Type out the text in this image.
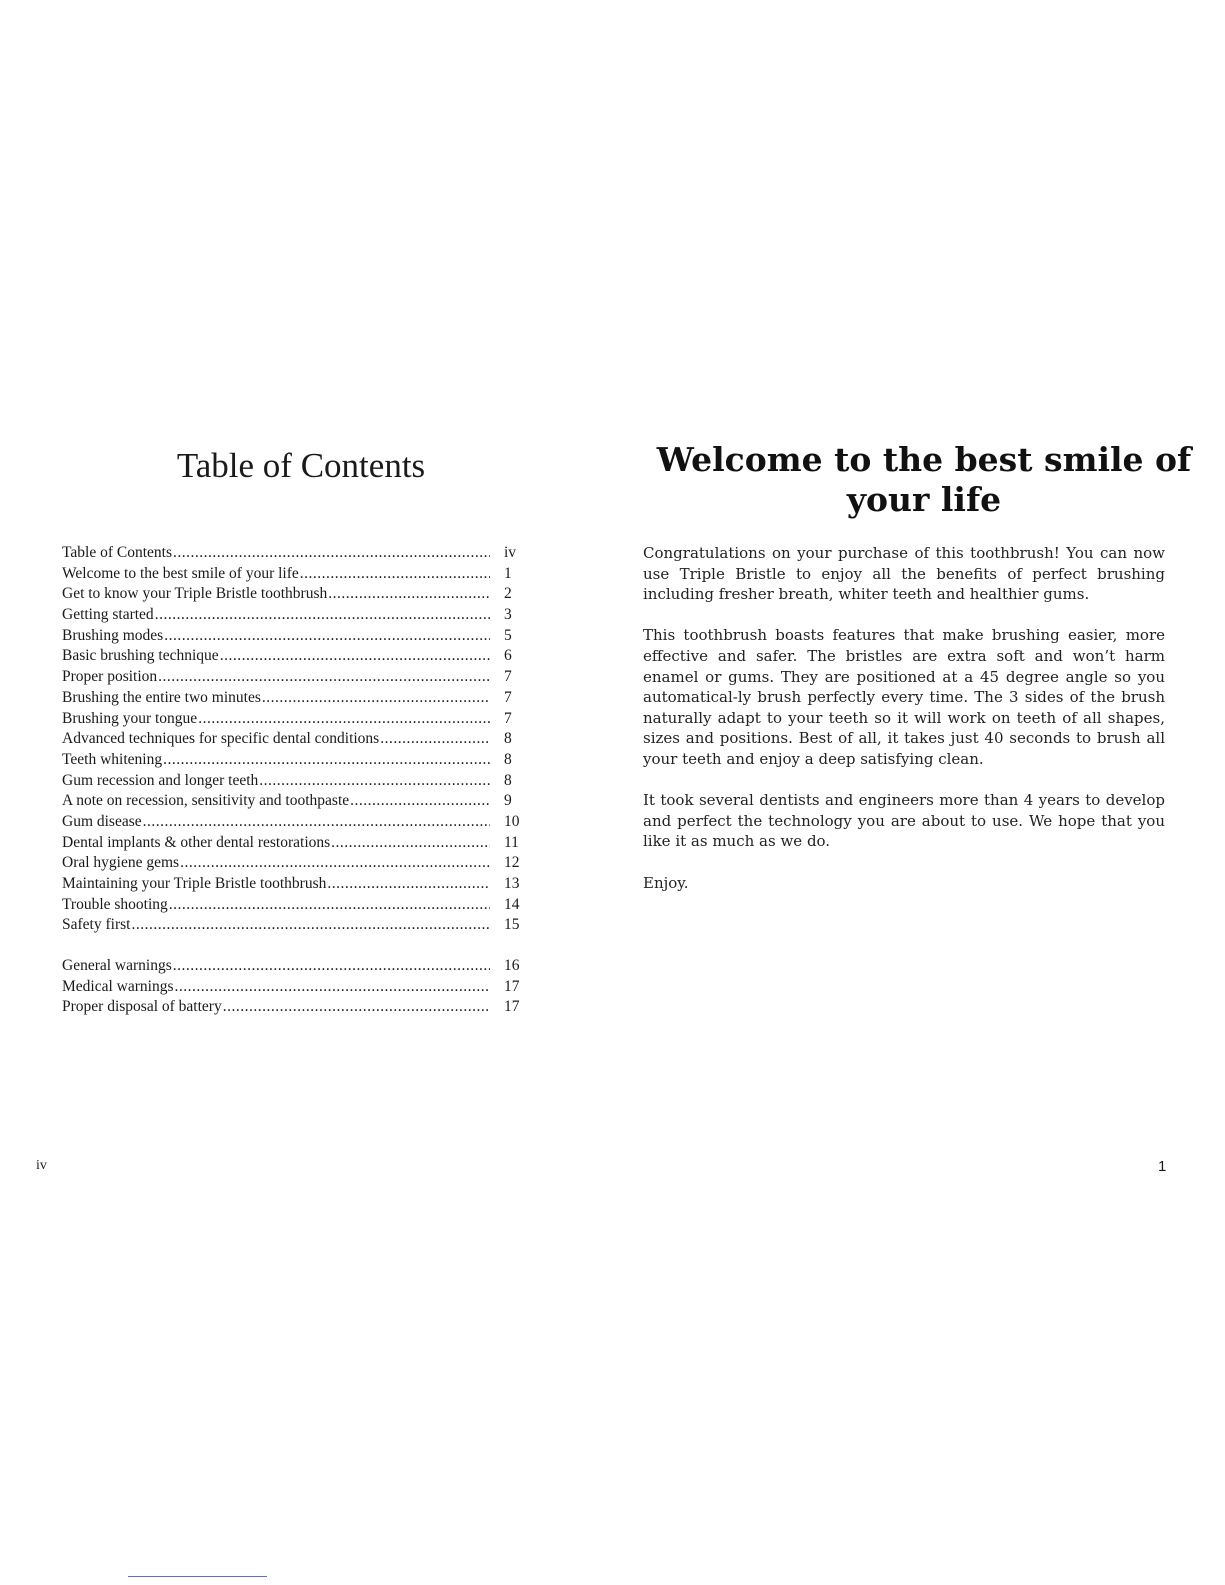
Table of Contents
Table of Contents .....	iv
Welcome to the best smile of your life .....	1
Get to know your Triple Bristle toothbrush .....	2
Getting started .....	3
Brushing modes .....	5
Basic brushing technique .....	6
Proper position .....	7
Brushing the entire two minutes .....	7
Brushing your tongue .....	7
Advanced techniques for specific dental conditions .....	8
Teeth whitening .....	8
Gum recession and longer teeth .....	8
A note on recession, sensitivity and toothpaste .....	9
Gum disease .....	10
Dental implants & other dental restorations .....	11
Oral hygiene gems .....	12
Maintaining your Triple Bristle toothbrush .....	13
Trouble shooting .....	14
Safety first .....	15
General warnings .....	16
Medical warnings .....	17
Proper disposal of battery .....	17
iv
Welcome to the best smile of your life

Congratulations on your purchase of this toothbrush! You can now use Triple Bristle to enjoy all the benefits of perfect brushing including fresher breath, whiter teeth and healthier gums.

This toothbrush boasts features that make brushing easier, more effective and safer. The bristles are extra soft and won’t harm enamel or gums. They are positioned at a 45 degree angle so you automatical-ly brush perfectly every time. The 3 sides of the brush naturally adapt to your teeth so it will work on teeth of all shapes, sizes and positions. Best of all, it takes just 40 seconds to brush all your teeth and enjoy a deep satisfying clean.

It took several dentists and engineers more than 4 years to develop and perfect the technology you are about to use. We hope that you like it as much as we do.

Enjoy.

1
